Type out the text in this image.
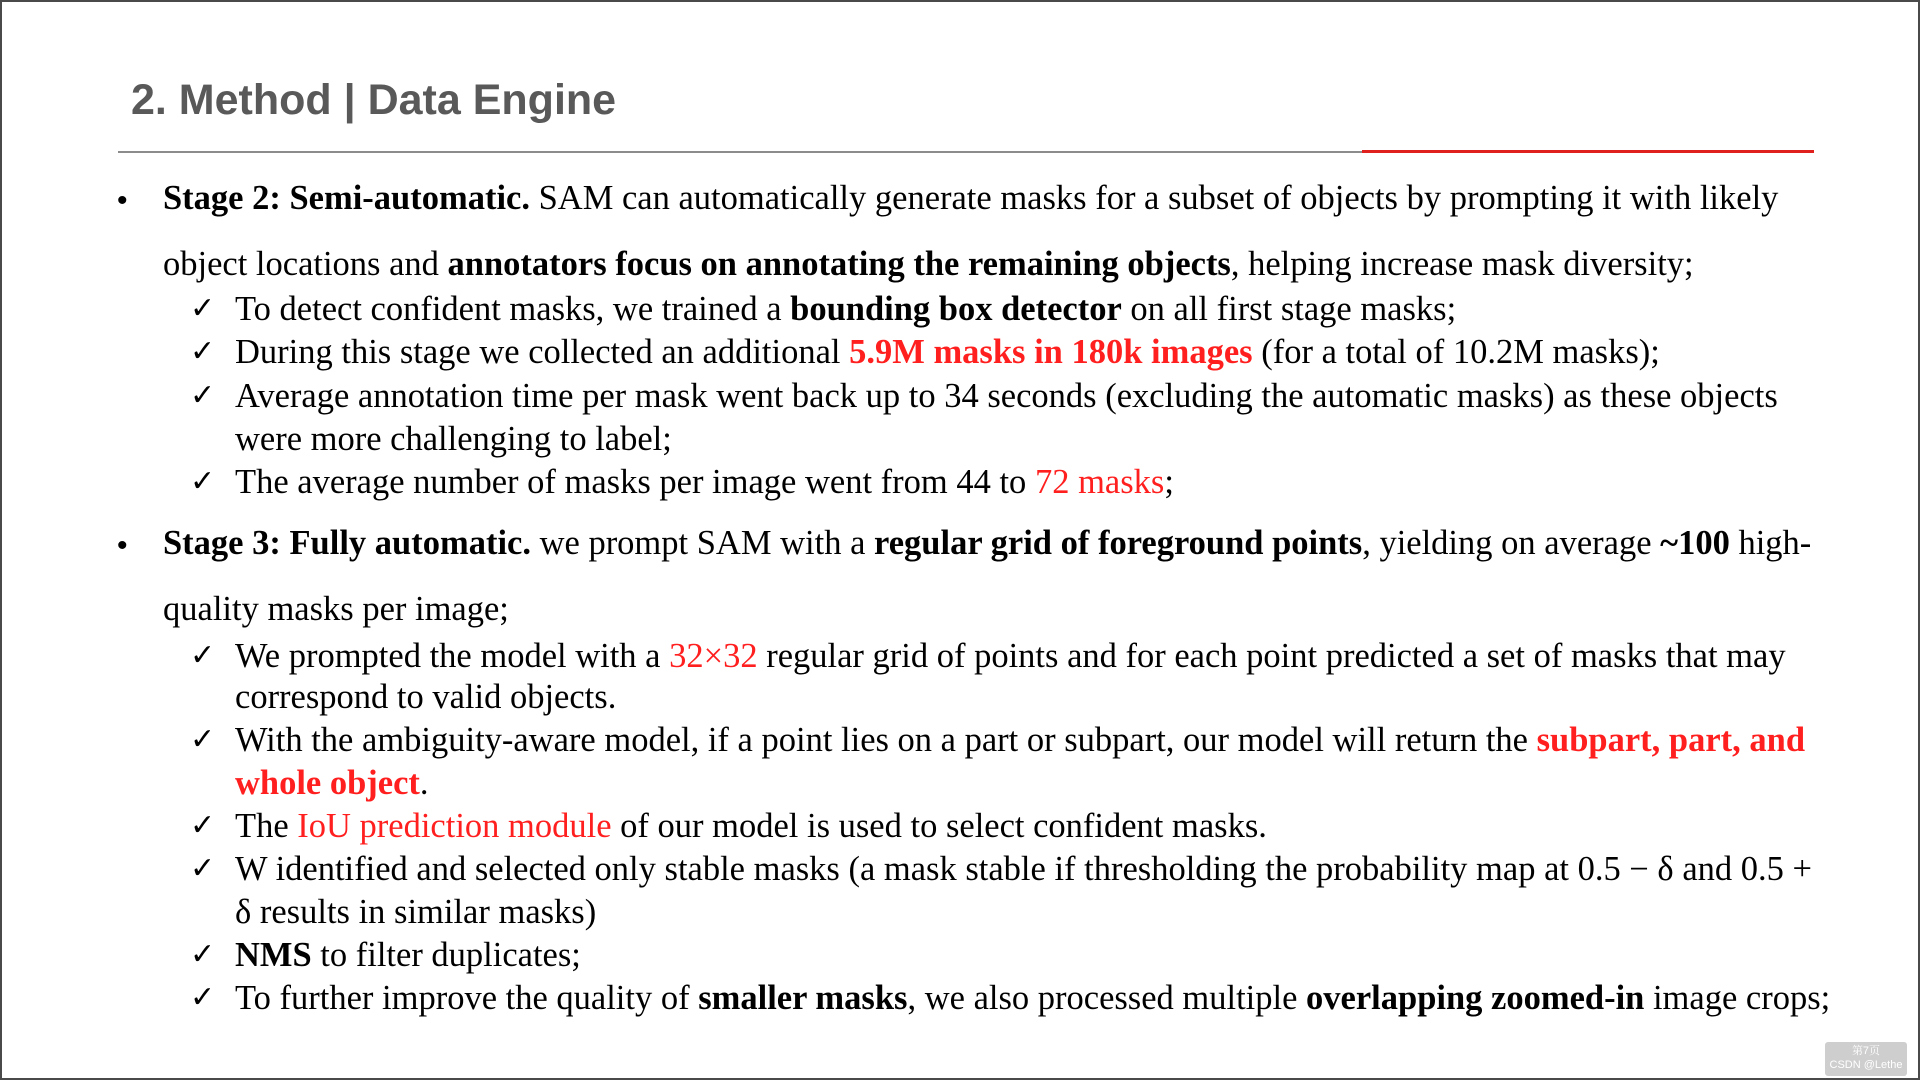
2. Method | Data Engine
• Stage 2: Semi-automatic. SAM can automatically generate masks for a subset of objects by prompting it with likely
object locations and annotators focus on annotating the remaining objects, helping increase mask diversity;
✓ To detect confident masks, we trained a bounding box detector on all first stage masks;
✓ During this stage we collected an additional 5.9M masks in 180k images (for a total of 10.2M masks);
✓ Average annotation time per mask went back up to 34 seconds (excluding the automatic masks) as these objects
were more challenging to label;
✓ The average number of masks per image went from 44 to 72 masks;
• Stage 3: Fully automatic. we prompt SAM with a regular grid of foreground points, yielding on average ~100 high-
quality masks per image;
✓ We prompted the model with a 32×32 regular grid of points and for each point predicted a set of masks that may
correspond to valid objects.
✓ With the ambiguity-aware model, if a point lies on a part or subpart, our model will return the subpart, part, and
whole object.
✓ The IoU prediction module of our model is used to select confident masks.
✓ W identified and selected only stable masks (a mask stable if thresholding the probability map at 0.5 − δ and 0.5 +
δ results in similar masks)
✓ NMS to filter duplicates;
✓ To further improve the quality of smaller masks, we also processed multiple overlapping zoomed-in image crops;
第7页
CSDN @Lethe
